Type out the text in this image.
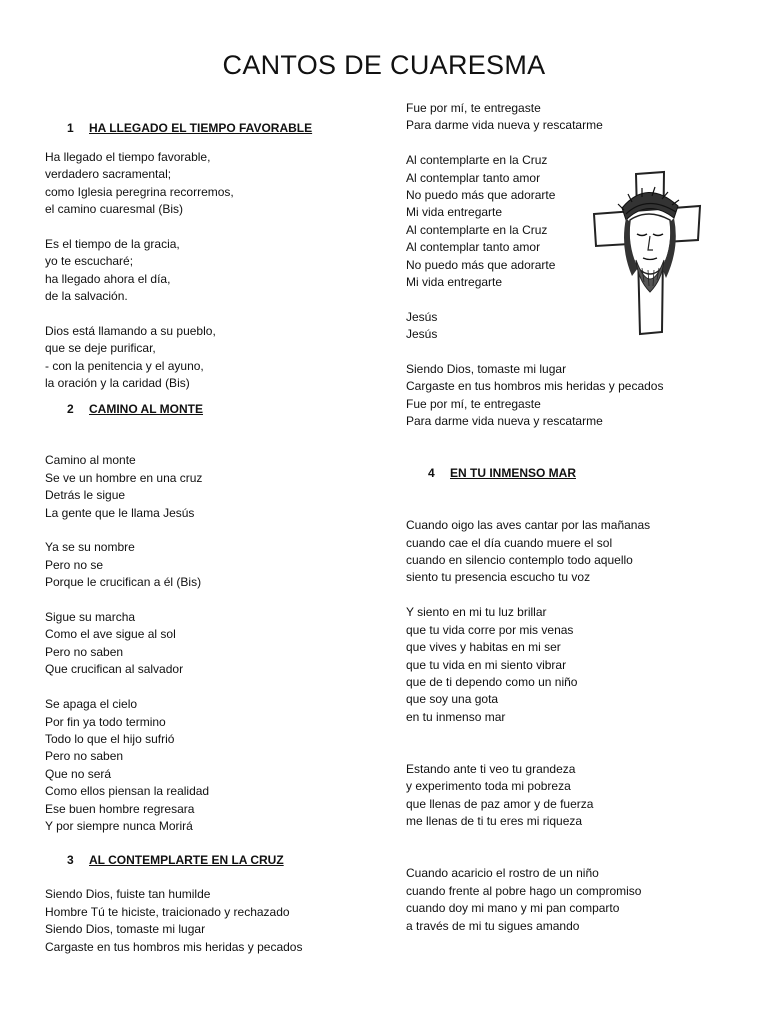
CANTOS DE CUARESMA
1 HA LLEGADO EL TIEMPO FAVORABLE
Ha llegado el tiempo favorable,
verdadero sacramental;
como Iglesia peregrina recorremos,
el camino cuaresmal (Bis)
Es el tiempo de la gracia,
yo te escucharé;
ha llegado ahora el día,
de la salvación.
Dios está llamando a su pueblo,
que se deje purificar,
- con la penitencia y el ayuno,
la oración y la caridad (Bis)
2 CAMINO AL MONTE
Camino al monte
Se ve un hombre en una cruz
Detrás le sigue
La gente que le llama Jesús
Ya se su nombre
Pero no se
Porque le crucifican a él (Bis)
Sigue su marcha
Como el ave sigue al sol
Pero no saben
Que crucifican al salvador
Se apaga el cielo
Por fin ya todo termino
Todo lo que el hijo sufrió
Pero no saben
Que no será
Como ellos piensan la realidad
Ese buen hombre regresara
Y por siempre nunca Morirá
3 AL CONTEMPLARTE EN LA CRUZ
Siendo Dios, fuiste tan humilde
Hombre Tú te hiciste, traicionado y rechazado
Siendo Dios, tomaste mi lugar
Cargaste en tus hombros mis heridas y pecados
Fue por mí, te entregaste
Para darme vida nueva y rescatarme
Al contemplarte en la Cruz
Al contemplar tanto amor
No puedo más que adorarte
Mi vida entregarte
Al contemplarte en la Cruz
Al contemplar tanto amor
No puedo más que adorarte
Mi vida entregarte
Jesús
Jesús
Siendo Dios, tomaste mi lugar
Cargaste en tus hombros mis heridas y pecados
Fue por mí, te entregaste
Para darme vida nueva y rescatarme
4 EN TU INMENSO MAR
Cuando oigo las aves cantar por las mañanas
cuando cae el día cuando muere el sol
cuando en silencio contemplo todo aquello
siento tu presencia escucho tu voz
Y siento en mi tu luz brillar
que tu vida corre por mis venas
que vives y habitas en mi ser
que tu vida en mi siento vibrar
que de ti dependo como un niño
que soy una gota
en tu inmenso mar
Estando ante ti veo tu grandeza
y experimento toda mi pobreza
que llenas de paz amor y de fuerza
me llenas de ti tu eres mi riqueza
Cuando acaricio el rostro de un niño
cuando frente al pobre hago un compromiso
cuando doy mi mano y mi pan comparto
a través de mi tu sigues amando
